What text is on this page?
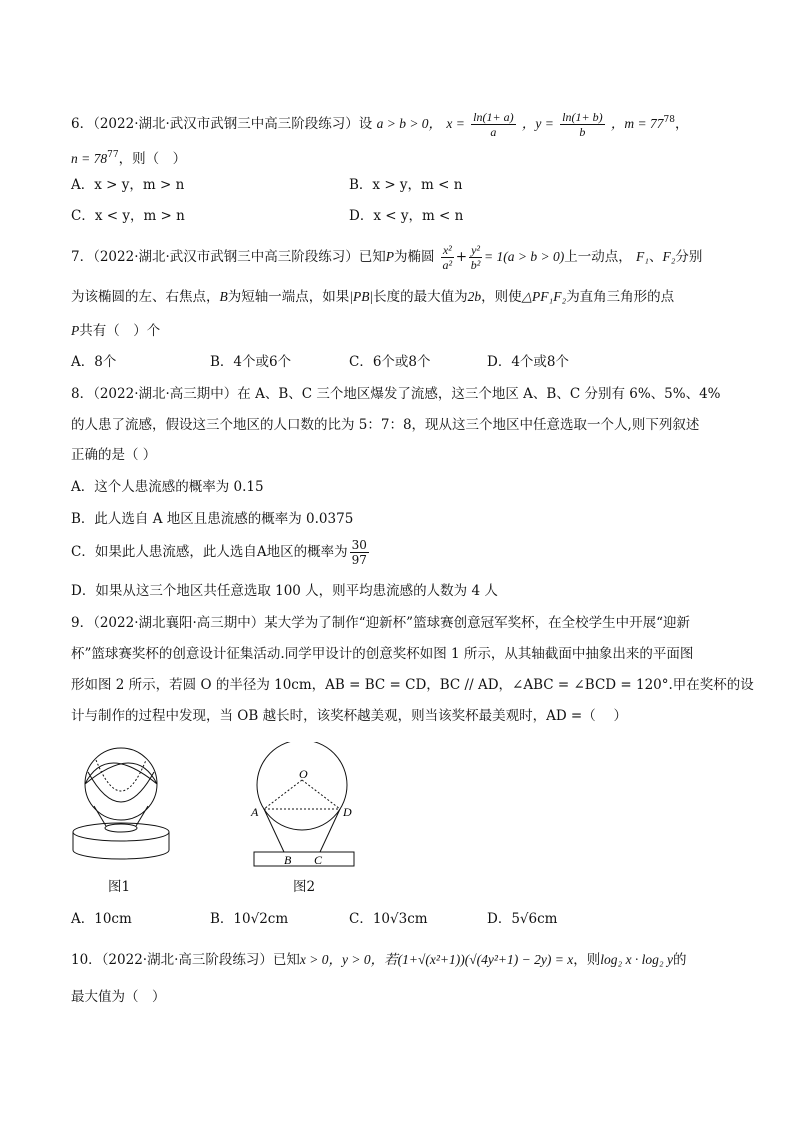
6．（2022·湖北·武汉市武钢三中高三阶段练习）设 a > b > 0， $x = \frac{\ln(1+ a)}{a}$ ，$y = \frac{\ln(1+ b)}{b}$ ，$m = 77^{78}$，
$n = 78^{77}$，则（　）
A．x > y，m > n	B．x > y，m < n
C．x < y，m > n	D．x < y，m < n
7．（2022·湖北·武汉市武钢三中高三阶段练习）已知P为椭圆 $\frac{\text{x²}}{\text{a²}} + \frac{\text{y²}}{\text{b²}} = 1(a > b > 0)$上一动点， F₁、F₂分别
为该椭圆的左、右焦点，B为短轴一端点，如果|PB|长度的最大值为2b，则使△PF₁F₂为直角三角形的点
P共有（　）个
A．8个	B．4个或6个	C．6个或8个	D．4个或8个
8．（2022·湖北·高三期中）在 A、B、C 三个地区爆发了流感，这三个地区 A、B、C 分别有 6%、5%、4%
的人患了流感，假设这三个地区的人口数的比为 5：7：8，现从这三个地区中任意选取一个人,则下列叙述
正确的是（ ）
A．这个人患流感的概率为 0.15
B．此人选自 A 地区且患流感的概率为 0.0375
C．如果此人患流感，此人选自A地区的概率为 $\frac{30}{97}$
D．如果从这三个地区共任意选取 100 人，则平均患流感的人数为 4 人
9．（2022·湖北襄阳·高三期中）某大学为了制作“迎新杯”篮球赛创意冠军奖杯，在全校学生中开展“迎新
杯”篮球赛奖杯的创意设计征集活动.同学甲设计的创意奖杯如图 1 所示，从其轴截面中抽象出来的平面图
形如图 2 所示，若圆 O 的半径为 10cm，AB = BC = CD，BC // AD，∠ABC = ∠BCD = 120°.甲在奖杯的设
计与制作的过程中发现，当 OB 越长时，该奖杯越美观，则当该奖杯最美观时，AD =（　 ）
图1
O
A	D
B C
图2
A．10cm	B．10√2cm	C．10√3cm	D．5√6cm
10．（2022·湖北·高三阶段练习）已知x > 0，y > 0，若(1+√(x²+1))(√(4y²+1) − 2y) = x，则log₂ x · log₂ y的
最大值为（　）
